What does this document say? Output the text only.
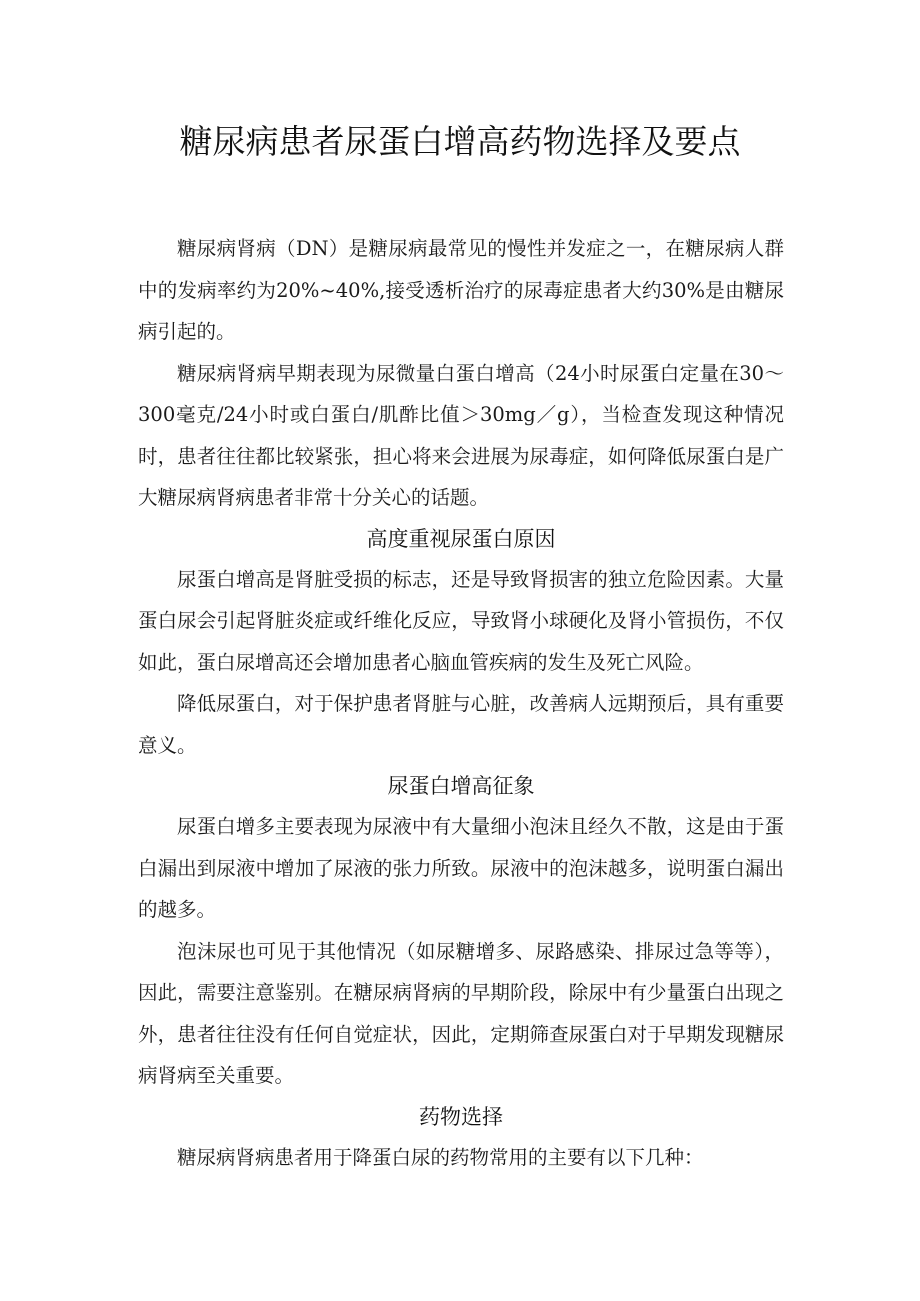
糖尿病患者尿蛋白增高药物选择及要点

糖尿病肾病（DN）是糖尿病最常见的慢性并发症之一，在糖尿病人群中的发病率约为20%~40%,接受透析治疗的尿毒症患者大约30%是由糖尿病引起的。

糖尿病肾病早期表现为尿微量白蛋白增高（24小时尿蛋白定量在30～300毫克/24小时或白蛋白/肌酢比值＞30mg／g），当检查发现这种情况时，患者往往都比较紧张，担心将来会进展为尿毒症，如何降低尿蛋白是广大糖尿病肾病患者非常十分关心的话题。

高度重视尿蛋白原因

尿蛋白增高是肾脏受损的标志，还是导致肾损害的独立危险因素。大量蛋白尿会引起肾脏炎症或纤维化反应，导致肾小球硬化及肾小管损伤，不仅如此，蛋白尿增高还会增加患者心脑血管疾病的发生及死亡风险。

降低尿蛋白，对于保护患者肾脏与心脏，改善病人远期预后，具有重要意义。

尿蛋白增高征象

尿蛋白增多主要表现为尿液中有大量细小泡沫且经久不散，这是由于蛋白漏出到尿液中增加了尿液的张力所致。尿液中的泡沫越多，说明蛋白漏出的越多。

泡沫尿也可见于其他情况（如尿糖增多、尿路感染、排尿过急等等），因此，需要注意鉴别。在糖尿病肾病的早期阶段，除尿中有少量蛋白出现之外，患者往往没有任何自觉症状，因此，定期筛查尿蛋白对于早期发现糖尿病肾病至关重要。

药物选择

糖尿病肾病患者用于降蛋白尿的药物常用的主要有以下几种：
